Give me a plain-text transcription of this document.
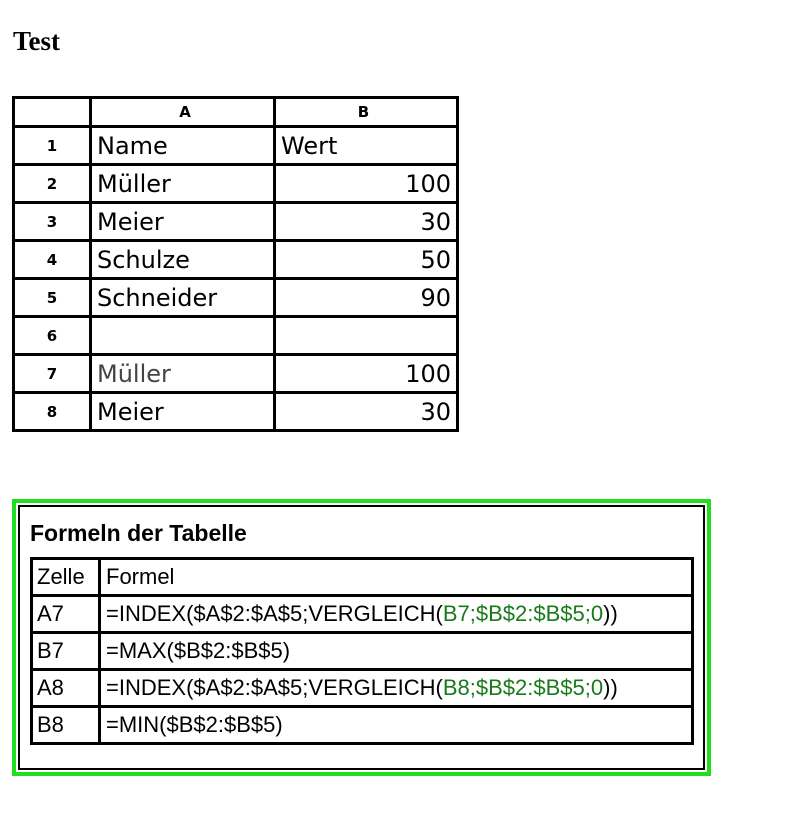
Test
	A	B
1	Name	Wert
2	Müller	100
3	Meier	30
4	Schulze	50
5	Schneider	90
6		
7	Müller	100
8	Meier	30
Formeln der Tabelle
Zelle	Formel
A7	=INDEX($A$2:$A$5;VERGLEICH(B7;$B$2:$B$5;0))
B7	=MAX($B$2:$B$5)
A8	=INDEX($A$2:$A$5;VERGLEICH(B8;$B$2:$B$5;0))
B8	=MIN($B$2:$B$5)
